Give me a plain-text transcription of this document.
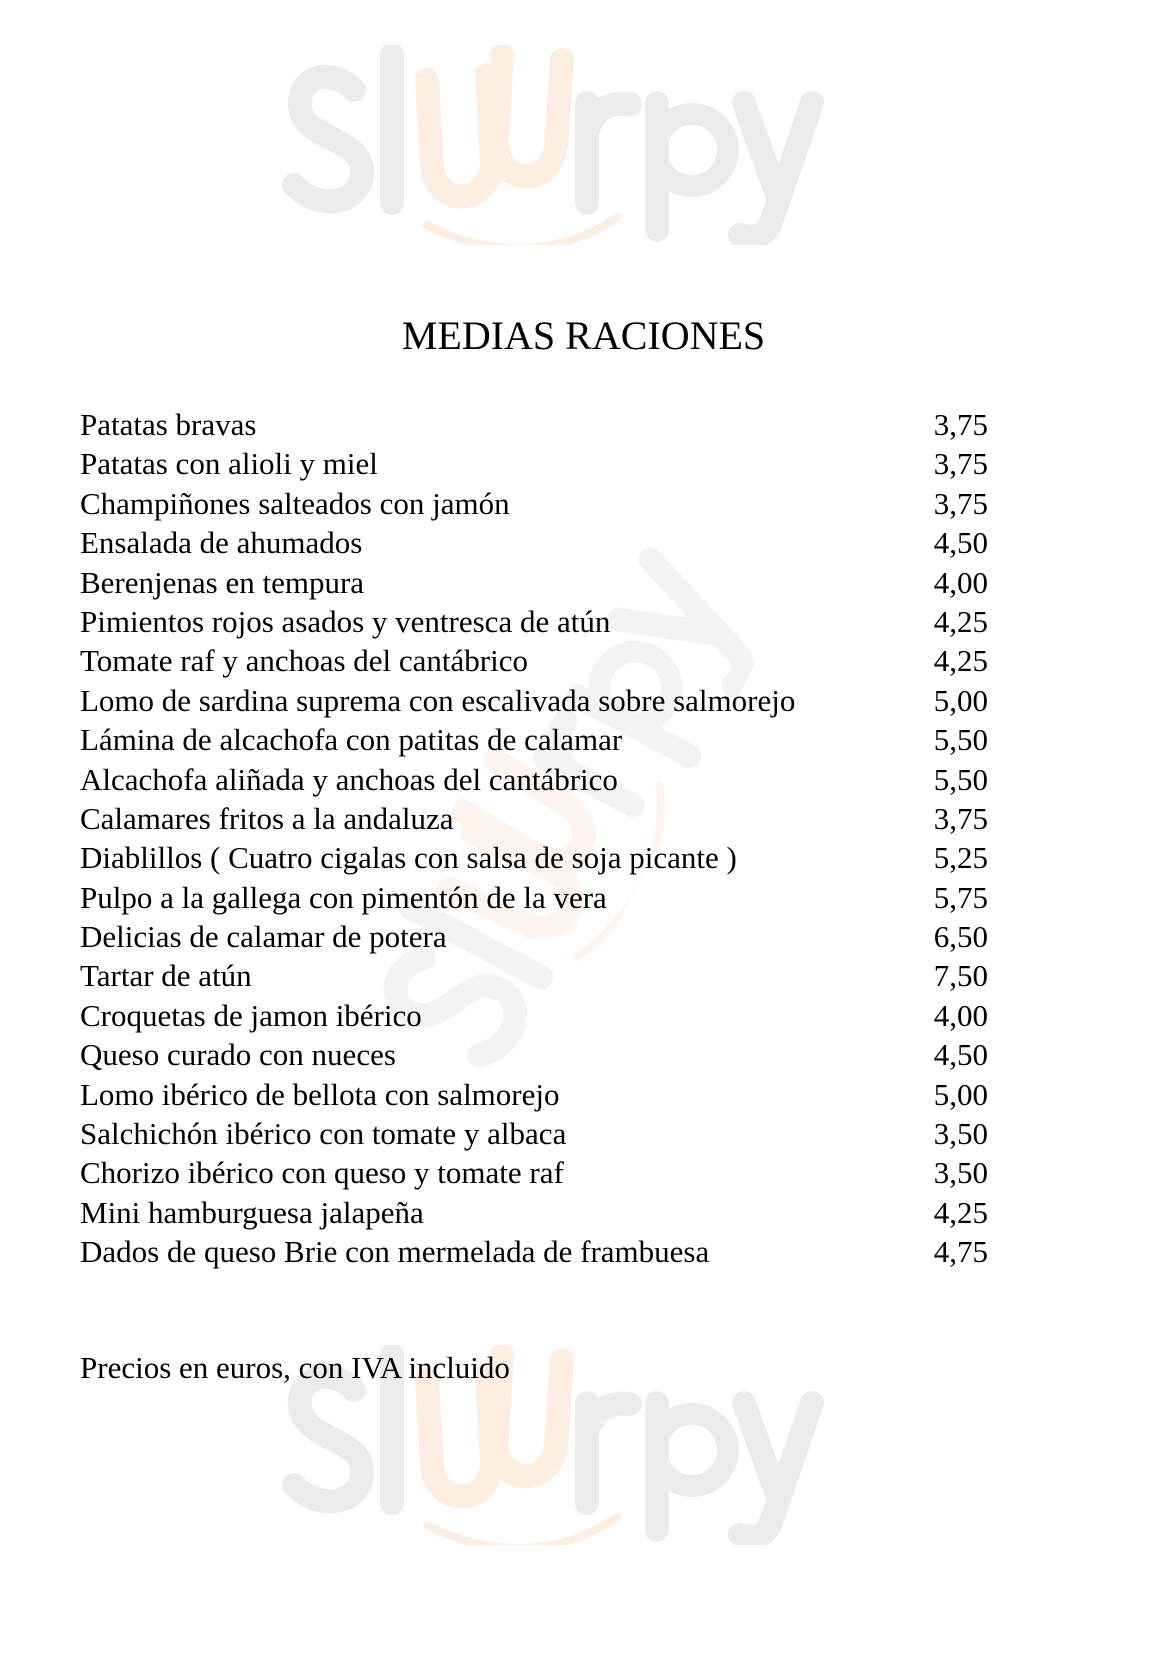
MEDIAS RACIONES
Patatas bravas	3,75
Patatas con alioli y miel	3,75
Champiñones salteados con jamón	3,75
Ensalada de ahumados	4,50
Berenjenas en tempura	4,00
Pimientos rojos asados y ventresca de atún	4,25
Tomate raf y anchoas del cantábrico	4,25
Lomo de sardina suprema con escalivada sobre salmorejo	5,00
Lámina de alcachofa con patitas de calamar	5,50
Alcachofa aliñada y anchoas del cantábrico	5,50
Calamares fritos a la andaluza	3,75
Diablillos ( Cuatro cigalas con salsa de soja picante )	5,25
Pulpo a la gallega con pimentón de la vera	5,75
Delicias de calamar de potera	6,50
Tartar de atún	7,50
Croquetas de jamon ibérico	4,00
Queso curado con nueces	4,50
Lomo ibérico de bellota con salmorejo	5,00
Salchichón ibérico con tomate y albaca	3,50
Chorizo ibérico con queso y tomate raf	3,50
Mini hamburguesa jalapeña	4,25
Dados de queso Brie con mermelada de frambuesa	4,75
Precios en euros, con IVA incluido
